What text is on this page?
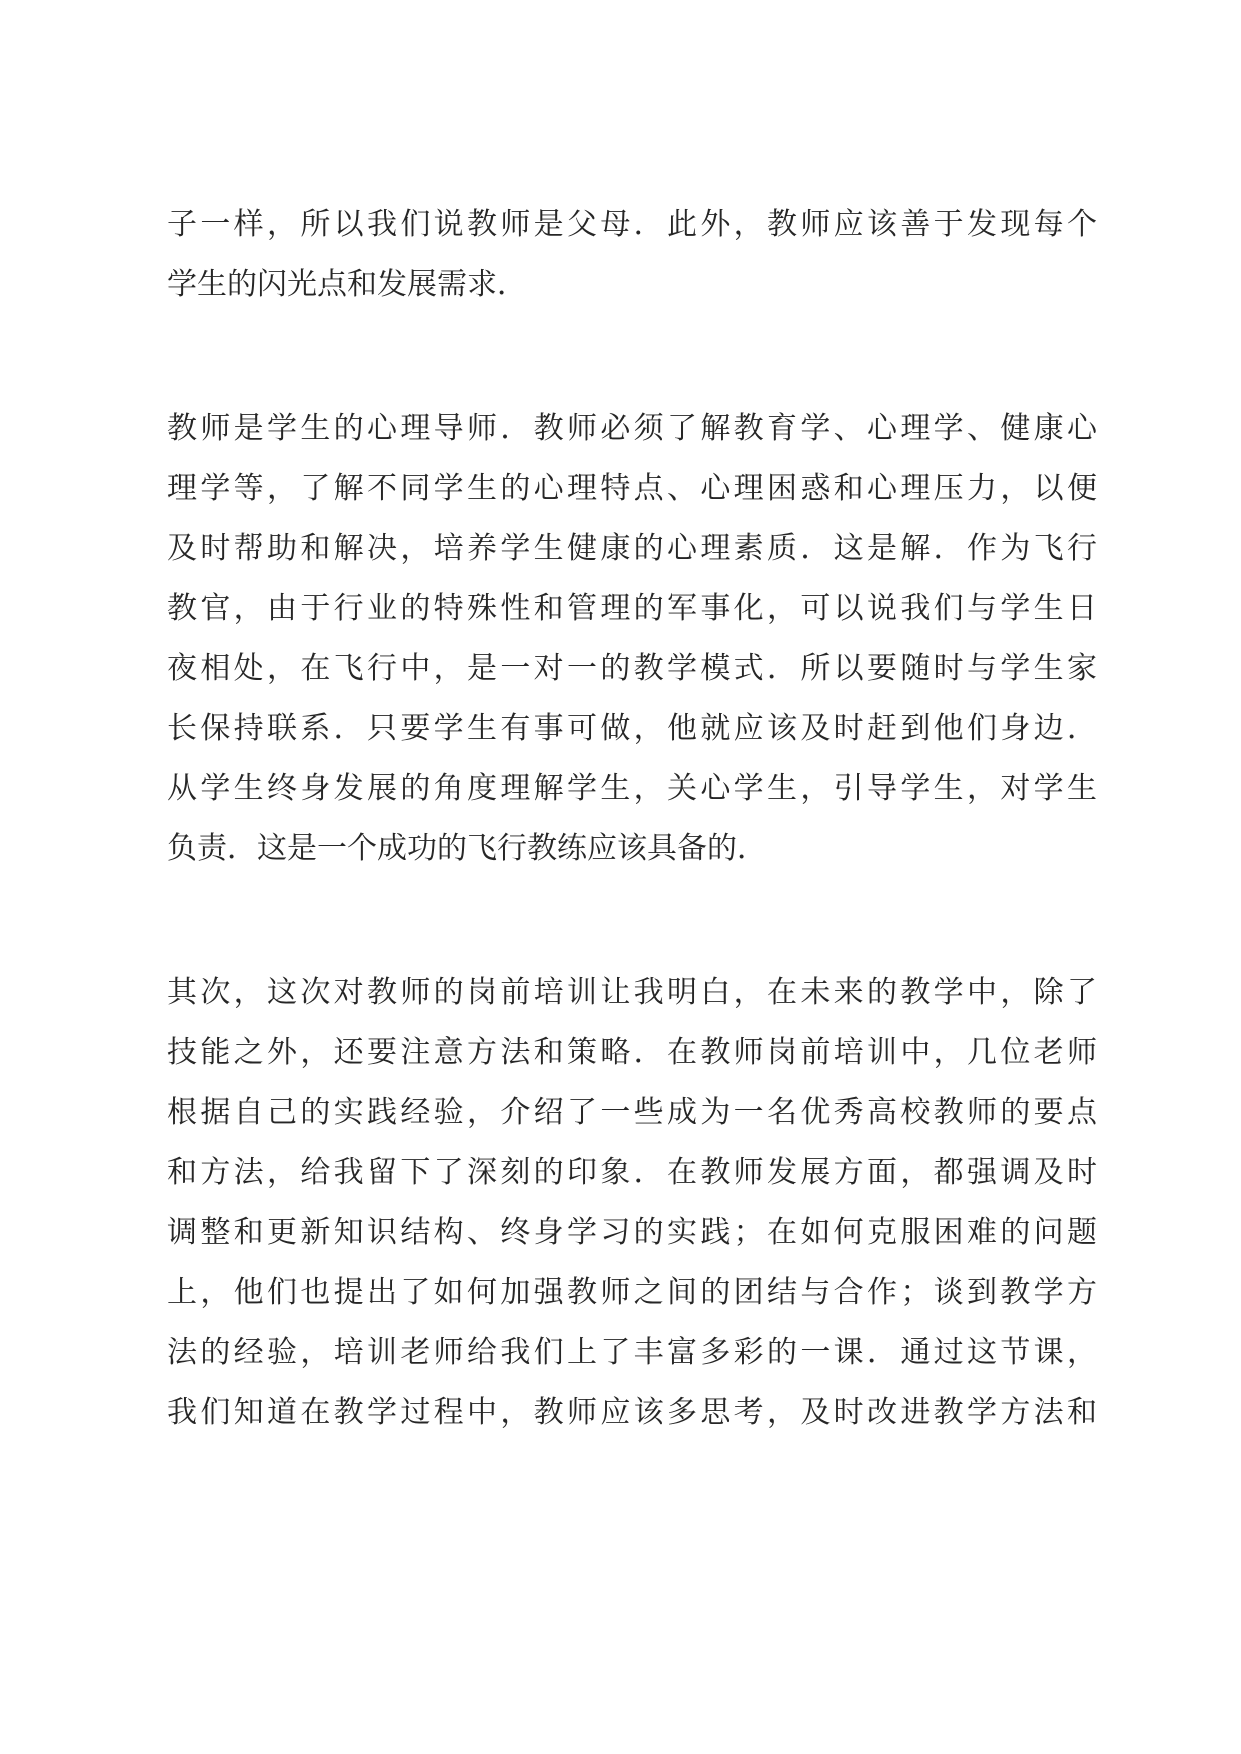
子一样，所以我们说教师是父母．此外，教师应该善于发现每个
学生的闪光点和发展需求．
教师是学生的心理导师．教师必须了解教育学、心理学、健康心
理学等，了解不同学生的心理特点、心理困惑和心理压力，以便
及时帮助和解决，培养学生健康的心理素质．这是解．作为飞行
教官，由于行业的特殊性和管理的军事化，可以说我们与学生日
夜相处，在飞行中，是一对一的教学模式．所以要随时与学生家
长保持联系．只要学生有事可做，他就应该及时赶到他们身边．
从学生终身发展的角度理解学生，关心学生，引导学生，对学生
负责．这是一个成功的飞行教练应该具备的．
其次，这次对教师的岗前培训让我明白，在未来的教学中，除了
技能之外，还要注意方法和策略．在教师岗前培训中，几位老师
根据自己的实践经验，介绍了一些成为一名优秀高校教师的要点
和方法，给我留下了深刻的印象．在教师发展方面，都强调及时
调整和更新知识结构、终身学习的实践；在如何克服困难的问题
上，他们也提出了如何加强教师之间的团结与合作；谈到教学方
法的经验，培训老师给我们上了丰富多彩的一课．通过这节课，
我们知道在教学过程中，教师应该多思考，及时改进教学方法和
